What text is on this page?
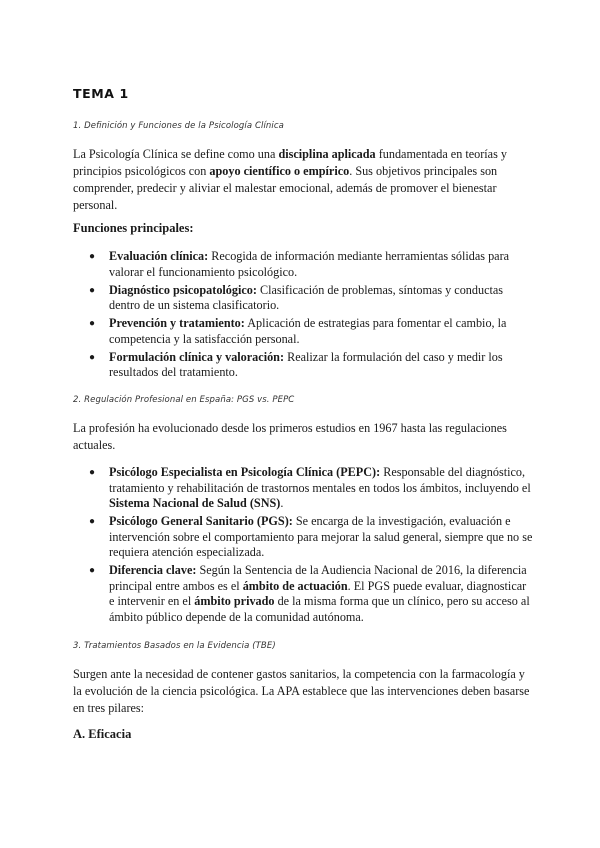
TEMA 1

1. Definición y Funciones de la Psicología Clínica

La Psicología Clínica se define como una disciplina aplicada fundamentada en teorías y principios psicológicos con apoyo científico o empírico. Sus objetivos principales son comprender, predecir y aliviar el malestar emocional, además de promover el bienestar personal.

Funciones principales:

● Evaluación clínica: Recogida de información mediante herramientas sólidas para valorar el funcionamiento psicológico.
● Diagnóstico psicopatológico: Clasificación de problemas, síntomas y conductas dentro de un sistema clasificatorio.
● Prevención y tratamiento: Aplicación de estrategias para fomentar el cambio, la competencia y la satisfacción personal.
● Formulación clínica y valoración: Realizar la formulación del caso y medir los resultados del tratamiento.

2. Regulación Profesional en España: PGS vs. PEPC

La profesión ha evolucionado desde los primeros estudios en 1967 hasta las regulaciones actuales.

● Psicólogo Especialista en Psicología Clínica (PEPC): Responsable del diagnóstico, tratamiento y rehabilitación de trastornos mentales en todos los ámbitos, incluyendo el Sistema Nacional de Salud (SNS).
● Psicólogo General Sanitario (PGS): Se encarga de la investigación, evaluación e intervención sobre el comportamiento para mejorar la salud general, siempre que no se requiera atención especializada.
● Diferencia clave: Según la Sentencia de la Audiencia Nacional de 2016, la diferencia principal entre ambos es el ámbito de actuación. El PGS puede evaluar, diagnosticar e intervenir en el ámbito privado de la misma forma que un clínico, pero su acceso al ámbito público depende de la comunidad autónoma.

3. Tratamientos Basados en la Evidencia (TBE)

Surgen ante la necesidad de contener gastos sanitarios, la competencia con la farmacología y la evolución de la ciencia psicológica. La APA establece que las intervenciones deben basarse en tres pilares:

A. Eficacia
